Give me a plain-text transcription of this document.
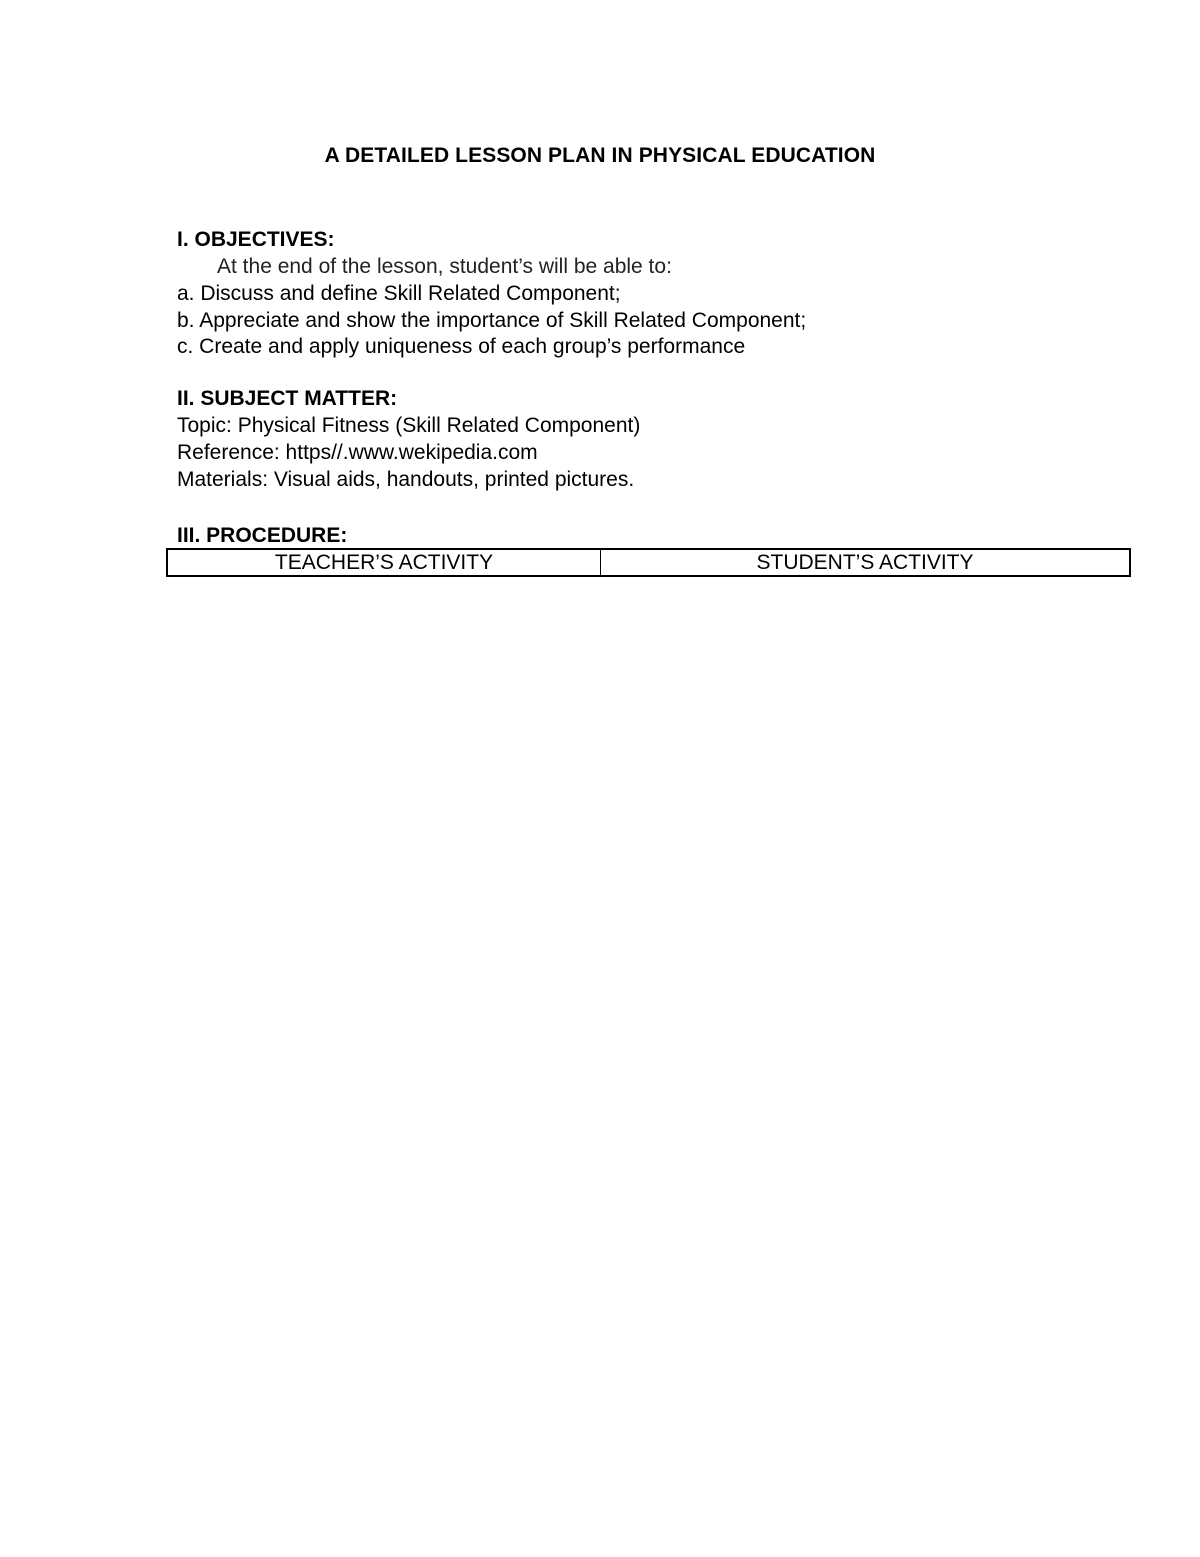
A DETAILED LESSON PLAN IN PHYSICAL EDUCATION
I. OBJECTIVES:
At the end of the lesson, student’s will be able to:
a. Discuss and define Skill Related Component;
b. Appreciate and show the importance of Skill Related Component;
c. Create and apply uniqueness of each group’s performance
II. SUBJECT MATTER:
Topic: Physical Fitness (Skill Related Component)
Reference: https//.www.wekipedia.com
Materials: Visual aids, handouts, printed pictures.
III. PROCEDURE:
TEACHER’S ACTIVITY	STUDENT’S ACTIVITY
